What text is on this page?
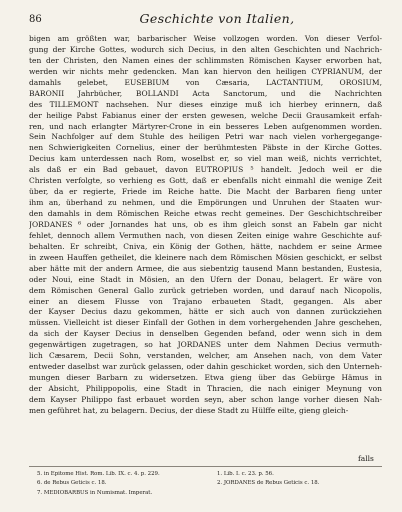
86	Geschichte von Italien,
bigen am größten war, barbarischer Weise vollzogen worden. Von dieser Verfol-
gung der Kirche Gottes, wodurch sich Decius, in den alten Geschichten und Nachrich-
ten der Christen, den Namen eines der schlimmsten Römischen Kayser erworben hat,
werden wir nichts mehr gedencken. Man kan hiervon den heiligen CYPRIANUM, der
damahls gelebet, EUSEBIUM von Cæsaria, LACTANTIUM, OROSIUM,
BARONII Jahrbücher, BOLLANDI Acta Sanctorum, und die Nachrichten
des TILLEMONT nachsehen. Nur dieses einzige muß ich hierbey erinnern, daß
der heilige Pabst Fabianus einer der ersten gewesen, welche Decii Grausamkeit erfah-
ren, und nach erlangter Märtyrer-Crone in ein besseres Leben aufgenommen worden.
Sein Nachfolger auf dem Stuhle des heiligen Petri war nach vielen vorhergegange-
nen Schwierigkeiten Cornelius, einer der berühmtesten Päbste in der Kirche Gottes.
Decius kam unterdessen nach Rom, woselbst er, so viel man weiß, nichts verrichtet,
als daß er ein Bad gebauet, davon EUTROPIUS ⁵ handelt. Jedoch weil er die
Christen verfolgte, so verhieng es Gott, daß er ebenfalls nicht einmahl die wenige Zeit
über, da er regierte, Friede im Reiche hatte. Die Macht der Barbaren fieng unter
ihm an, überhand zu nehmen, und die Empörungen und Unruhen der Staaten wur-
den damahls in dem Römischen Reiche etwas recht gemeines. Der Geschichtschreiber
JORDANES ⁶ oder Jornandes hat uns, ob es ihm gleich sonst an Fabeln gar nicht
fehlet, dennoch allem Vermuthen nach, von diesen Zeiten einige wahre Geschichte auf-
behalten. Er schreibt, Cniva, ein König der Gothen, hätte, nachdem er seine Armee
in zween Hauffen getheilet, die kleinere nach dem Römischen Mösien geschickt, er selbst
aber hätte mit der andern Armee, die aus siebentzig tausend Mann bestanden, Eustesia,
oder Noui, eine Stadt in Mösien, an den Ufern der Donau, belagert. Er wäre von
dem Römischen General Gallo zurück getrieben worden, und darauf nach Nicopolis,
einer an diesem Flusse von Trajano erbaueten Stadt, gegangen. Als aber
der Kayser Decius dazu gekommen, hätte er sich auch von dannen zurückziehen
müssen. Vielleicht ist dieser Einfall der Gothen in dem vorhergehenden Jahre geschehen,
da sich der Kayser Decius in denselben Gegenden befand, oder wenn sich in dem
gegenwärtigen zugetragen, so hat JORDANES unter dem Nahmen Decius vermuth-
lich Cæsarem, Decii Sohn, verstanden, welcher, am Ansehen nach, von dem Vater
entweder daselbst war zurück gelassen, oder dahin geschicket worden, sich den Unterneh-
mungen dieser Barbarn zu widersetzen. Etwa gieng über das Gebürge Hämus in
der Absicht, Philippopolis, eine Stadt in Thracien, die nach einiger Meynung von
dem Kayser Philippo fast erbauet worden seyn, aber schon lange vorher diesen Nah-
men geführet hat, zu belagern. Decius, der diese Stadt zu Hülffe eilte, gieng gleich-
falls
5. in Epitome Hist. Rom. Lib. IX. c. 4. p. 229.
6. de Rebus Geticis c. 18.
7. MEDIOBARBUS in Numismat. Imperat.
1. Lib. I. c. 23. p. 56.
2. JORDANES de Rebus Geticis c. 18.
